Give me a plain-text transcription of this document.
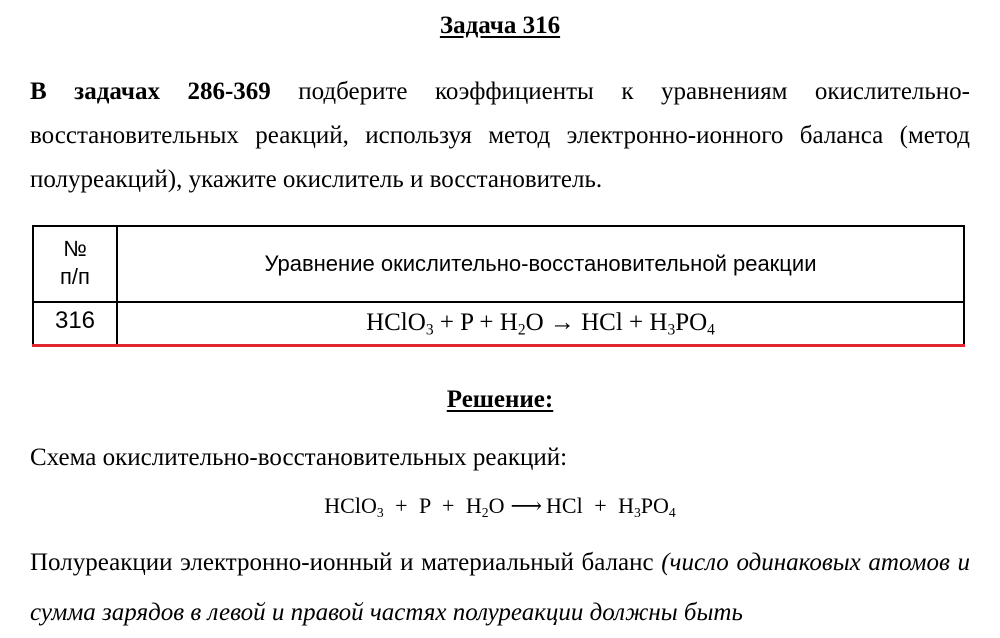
Задача 316
В задачах 286-369 подберите коэффициенты к уравнениям окислительно-восстановительных реакций, используя метод электронно-ионного баланса (метод полуреакций), укажите окислитель и восстановитель.
№
п/п
Уравнение окислительно-восстановительной реакции
316	HClO$_3$ + $P + H_2O$ → HCl + $H_3PO_4$
Решение:
Схема окислительно-восстановительных реакций:
HClO$_3$ + $P + H_2O$ ⟶ HCl + $H_3PO_4$
Полуреакции электронно-ионный и материальный баланс (число одинаковых атомов и сумма зарядов в левой и правой частях полуреакции должны быть
